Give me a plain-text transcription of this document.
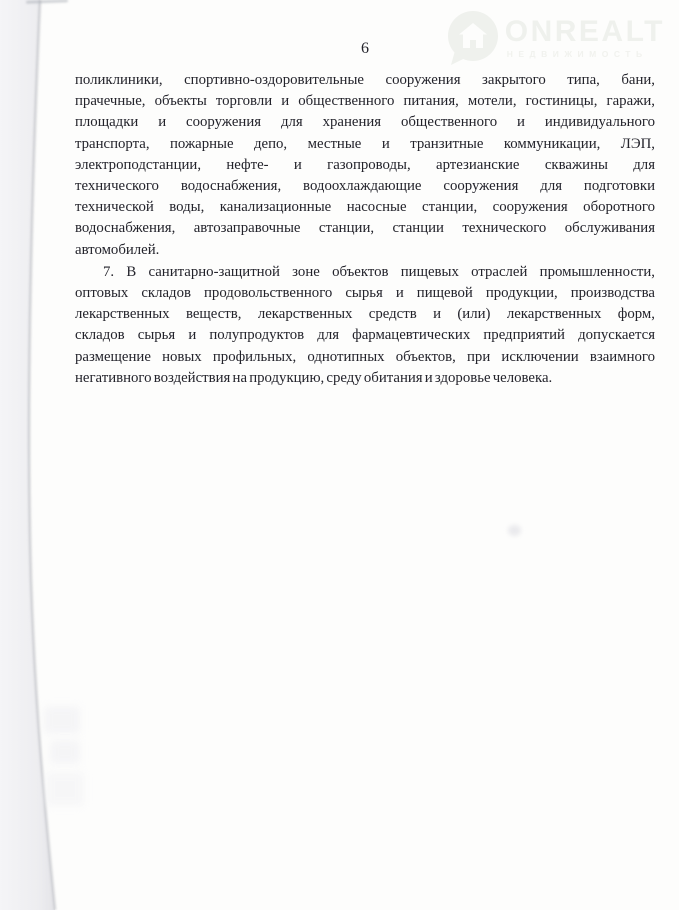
ONREALT
НЕДВИЖИМОСТЬ
6
поликлиники, спортивно-оздоровительные сооружения закрытого типа, бани,
прачечные, объекты торговли и общественного питания, мотели, гостиницы, гаражи,
площадки и сооружения для хранения общественного и индивидуального
транспорта, пожарные депо, местные и транзитные коммуникации, ЛЭП,
электроподстанции, нефте- и газопроводы, артезианские скважины для
технического водоснабжения, водоохлаждающие сооружения для подготовки
технической воды, канализационные насосные станции, сооружения оборотного
водоснабжения, автозаправочные станции, станции технического обслуживания
автомобилей.
7. В санитарно-защитной зоне объектов пищевых отраслей промышленности,
оптовых складов продовольственного сырья и пищевой продукции, производства
лекарственных веществ, лекарственных средств и (или) лекарственных форм,
складов сырья и полупродуктов для фармацевтических предприятий допускается
размещение новых профильных, однотипных объектов, при исключении взаимного
негативного воздействия на продукцию, среду обитания и здоровье человека.
